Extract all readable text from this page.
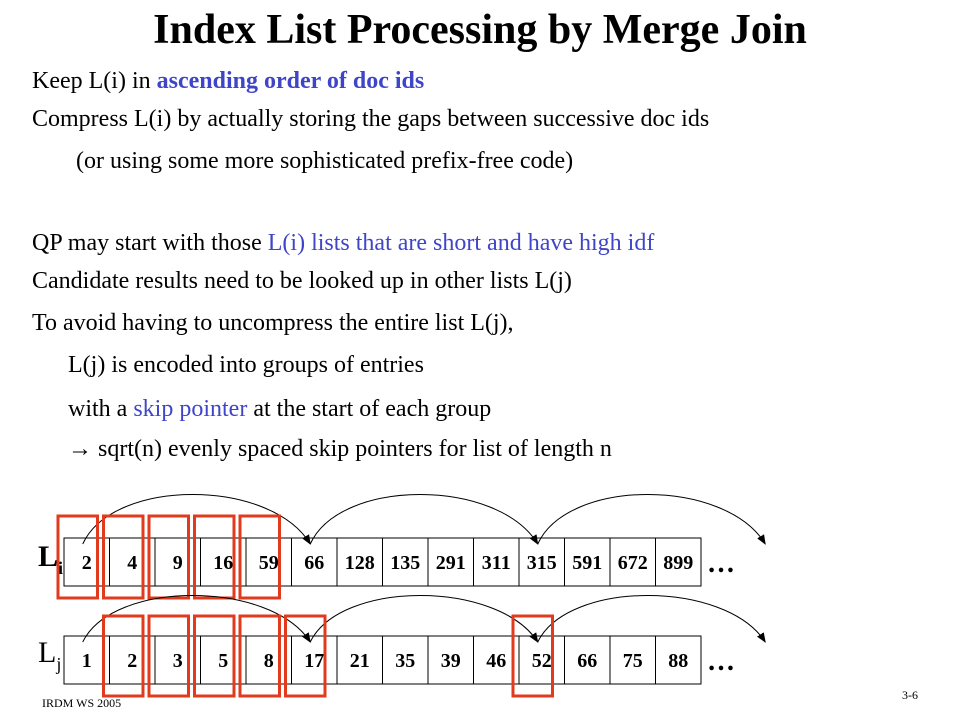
Index List Processing by Merge Join
Keep L(i) in ascending order of doc ids
Compress L(i) by actually storing the gaps between successive doc ids
(or using some more sophisticated prefix-free code)
QP may start with those L(i) lists that are short and have high idf
Candidate results need to be looked up in other lists L(j)
To avoid having to uncompress the entire list L(j),
L(j) is encoded into groups of entries
with a skip pointer at the start of each group
→ sqrt(n) evenly spaced skip pointers for list of length n
$L_i$
$L_j$
2 4 9 16 59 66 128 135 291 311 315 591 672 899 …
1 2 3 5 8 17 21 35 39 46 52 66 75 88 …
IRDM WS 2005
3-6
